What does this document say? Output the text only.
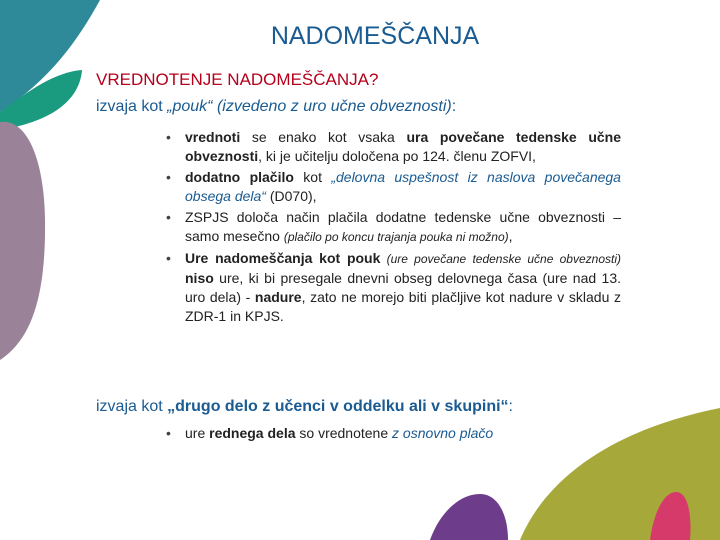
NADOMEŠČANJA
VREDNOTENJE NADOMEŠČANJA?
izvaja kot „pouk“ (izvedeno z uro učne obveznosti):
• vrednoti se enako kot vsaka ura povečane tedenske učne obveznosti, ki je učitelju določena po 124. členu ZOFVI,
• dodatno plačilo kot „delovna uspešnost iz naslova povečanega obsega dela“ (D070),
• ZSPJS določa način plačila dodatne tedenske učne obveznosti – samo mesečno (plačilo po koncu trajanja pouka ni možno),
• Ure nadomeščanja kot pouk (ure povečane tedenske učne obveznosti) niso ure, ki bi presegale dnevni obseg delovnega časa (ure nad 13. uro dela) - nadure, zato ne morejo biti plačljive kot nadure v skladu z ZDR-1 in KPJS.
izvaja kot „drugo delo z učenci v oddelku ali v skupini“:
• ure rednega dela so vrednotene z osnovno plačo
